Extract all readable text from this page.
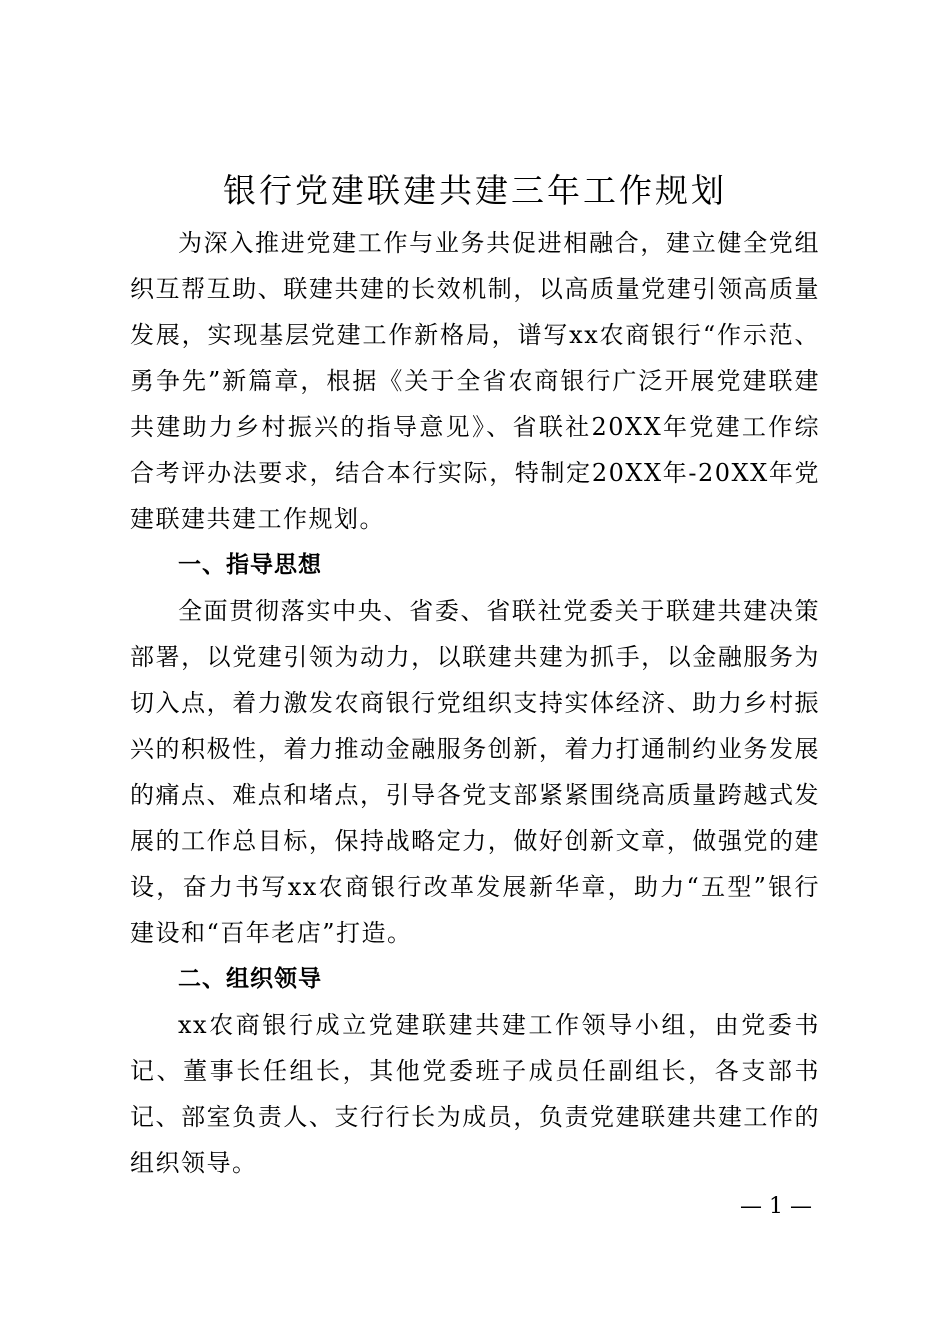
银行党建联建共建三年工作规划

为深入推进党建工作与业务共促进相融合，建立健全党组织互帮互助、联建共建的长效机制，以高质量党建引领高质量发展，实现基层党建工作新格局，谱写xx农商银行“作示范、勇争先”新篇章，根据《关于全省农商银行广泛开展党建联建共建助力乡村振兴的指导意见》、省联社20XX年党建工作综合考评办法要求，结合本行实际，特制定20XX年-20XX年党建联建共建工作规划。

一、指导思想

全面贯彻落实中央、省委、省联社党委关于联建共建决策部署，以党建引领为动力，以联建共建为抓手，以金融服务为切入点，着力激发农商银行党组织支持实体经济、助力乡村振兴的积极性，着力推动金融服务创新，着力打通制约业务发展的痛点、难点和堵点，引导各党支部紧紧围绕高质量跨越式发展的工作总目标，保持战略定力，做好创新文章，做强党的建设，奋力书写xx农商银行改革发展新华章，助力“五型”银行建设和“百年老店”打造。

二、组织领导

xx农商银行成立党建联建共建工作领导小组，由党委书记、董事长任组长，其他党委班子成员任副组长，各支部书记、部室负责人、支行行长为成员，负责党建联建共建工作的组织领导。

— 1 —
